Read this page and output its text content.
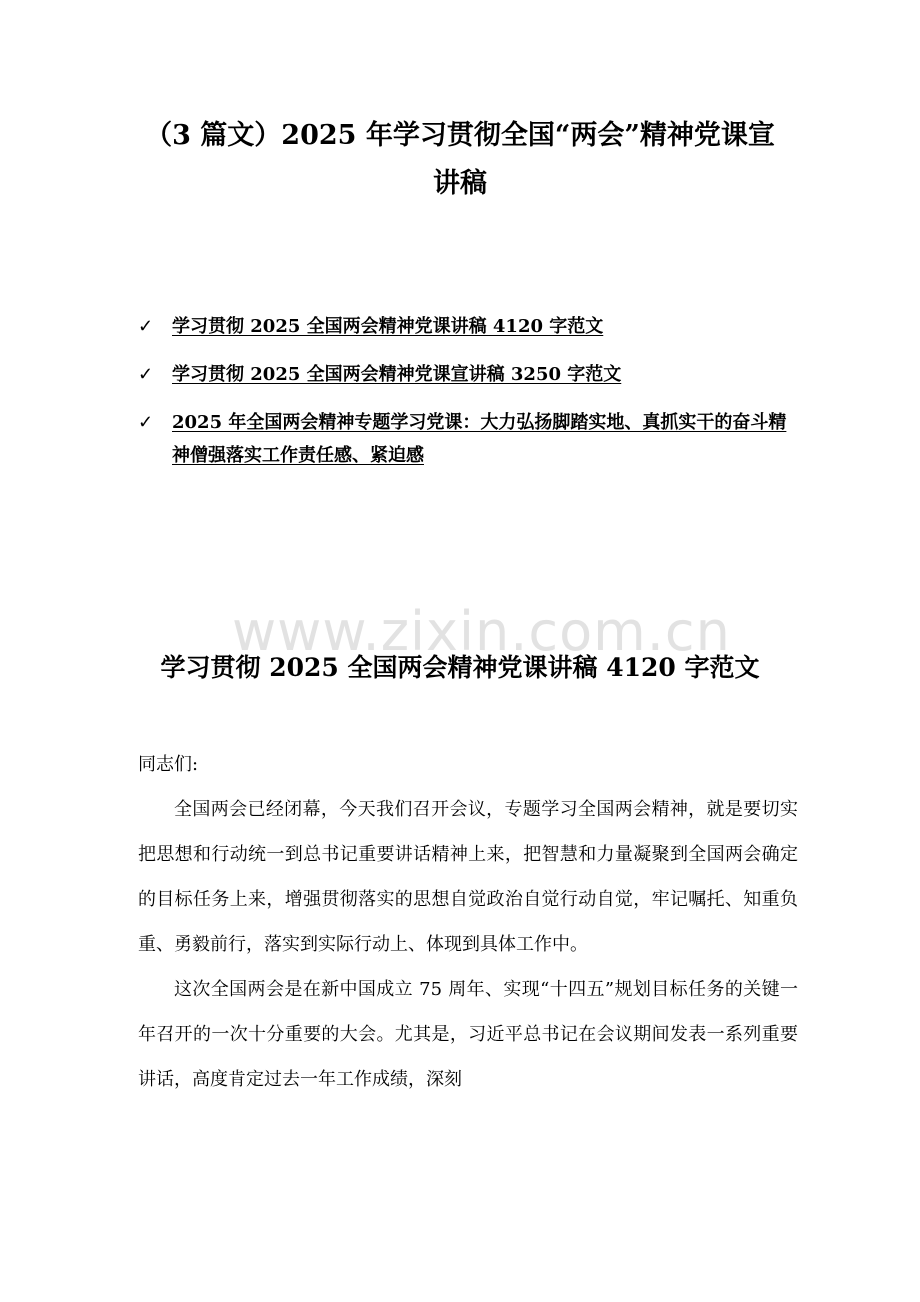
（3 篇文）2025 年学习贯彻全国“两会”精神党课宣
讲稿
✓ 学习贯彻 2025 全国两会精神党课讲稿 4120 字范文
✓ 学习贯彻 2025 全国两会精神党课宣讲稿 3250 字范文
✓ 2025 年全国两会精神专题学习党课：大力弘扬脚踏实地、真抓实干的奋斗精神僧强落实工作责任感、紧迫感
www.zixin.com.cn
学习贯彻 2025 全国两会精神党课讲稿 4120 字范文

同志们:

全国两会已经闭幕，今天我们召开会议，专题学习全国两会精神，就是要切实把思想和行动统一到总书记重要讲话精神上来，把智慧和力量凝聚到全国两会确定的目标任务上来，增强贯彻落实的思想自觉政治自觉行动自觉，牢记嘱托、知重负重、勇毅前行，落实到实际行动上、体现到具体工作中。

这次全国两会是在新中国成立 75 周年、实现“十四五”规划目标任务的关键一年召开的一次十分重要的大会。尤其是，习近平总书记在会议期间发表一系列重要讲话，高度肯定过去一年工作成绩，深刻
